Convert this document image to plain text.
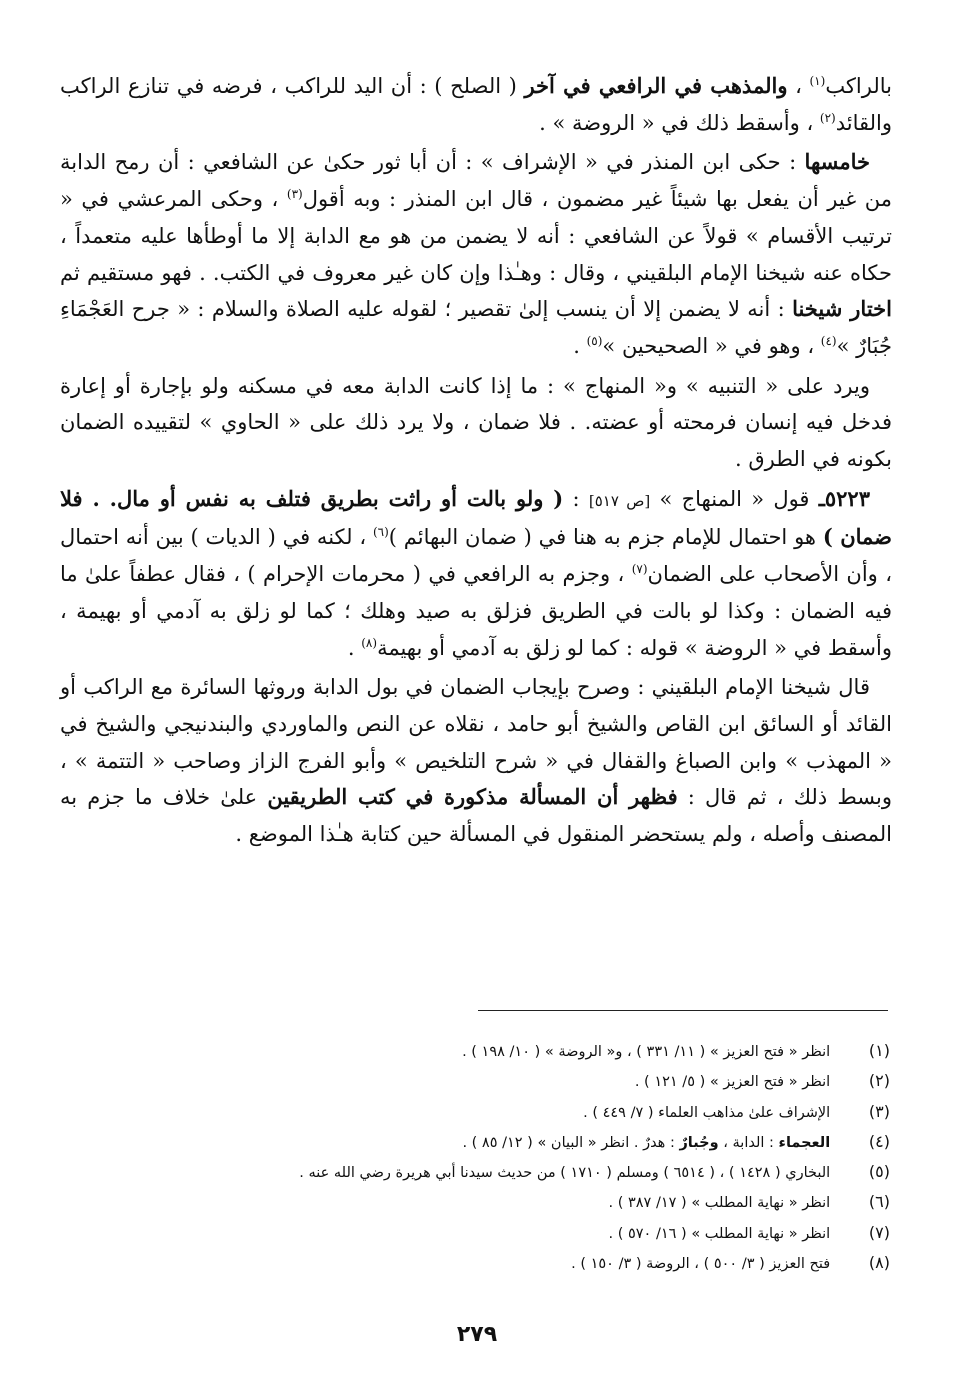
بالراكب$^{(١)}$ ، والمذهب في الرافعي في آخر ( الصلح ) : أن اليد للراكب ، فرضه في تنازع الراكب والقائد$^{(٢)}$ ، وأسقط ذلك في « الروضة » .

خامسها : حكى ابن المنذر في « الإشراف » : أن أبا ثور حكىٰ عن الشافعي : أن رمح الدابة من غير أن يفعل بها شيئاً غير مضمون ، قال ابن المنذر : وبه أقول$^{(٣)}$ ، وحكى المرعشي في « ترتيب الأقسام » قولاً عن الشافعي : أنه لا يضمن من هو مع الدابة إلا ما أوطأها عليه متعمداً ، حكاه عنه شيخنا الإمام البلقيني ، وقال : وهـٰذا وإن كان غير معروف في الكتب. . فهو مستقيم ثم اختار شيخنا : أنه لا يضمن إلا أن ينسب إلىٰ تقصير ؛ لقوله عليه الصلاة والسلام : « جرح العَجْمَاءِ جُبَارٌ »$^{(٤)}$ ، وهو في « الصحيحين »$^{(٥)}$ .

ويرد على « التنبيه » و« المنهاج » : ما إذا كانت الدابة معه في مسكنه ولو بإجارة أو إعارة فدخل فيه إنسان فرمحته أو عضته. . فلا ضمان ، ولا يرد ذلك على « الحاوي » لتقييده الضمان بكونه في الطرق .

٥٢٢٣ـ قول « المنهاج » [ص ٥١٧] : ( ولو بالت أو راثت بطريق فتلف به نفس أو مال. . فلا ضمان ) هو احتمال للإمام جزم به هنا في ( ضمان البهائم )$^{(٦)}$ ، لكنه في ( الديات ) بين أنه احتمال ، وأن الأصحاب على الضمان$^{(٧)}$ ، وجزم به الرافعي في ( محرمات الإحرام ) ، فقال عطفاً علىٰ ما فيه الضمان : وكذا لو بالت في الطريق فزلق به صيد وهلك ؛ كما لو زلق به آدمي أو بهيمة ، وأسقط في « الروضة » قوله : كما لو زلق به آدمي أو بهيمة$^{(٨)}$ .

قال شيخنا الإمام البلقيني : وصرح بإيجاب الضمان في بول الدابة وروثها السائرة مع الراكب أو القائد أو السائق ابن القاص والشيخ أبو حامد ، نقلاه عن النص والماوردي والبندنيجي والشيخ في « المهذب » وابن الصباغ والقفال في « شرح التلخيص » وأبو الفرج الزاز وصاحب « التتمة » ، وبسط ذلك ، ثم قال : فظهر أن المسألة مذكورة في كتب الطريقين علىٰ خلاف ما جزم به المصنف وأصله ، ولم يستحضر المنقول في المسألة حين كتابة هـٰذا الموضع .

(١)   انظر « فتح العزيز » ( ١١/ ٣٣١ ) ، و« الروضة » ( ١٠/ ١٩٨ ) .
(٢)   انظر « فتح العزيز » ( ٥/ ١٢١ ) .
(٣)   الإشراف علىٰ مذاهب العلماء ( ٧/ ٤٤٩ ) .
(٤)   العجماء : الدابة ، وجُبارٌ : هدرٌ . انظر « البيان » ( ١٢/ ٨٥ ) .
(٥)   البخاري ( ١٤٢٨ ) ، ( ٦٥١٤ ) ومسلم ( ١٧١٠ ) من حديث سيدنا أبي هريرة رضي الله عنه .
(٦)   انظر « نهاية المطلب » ( ١٧/ ٣٨٧ ) .
(٧)   انظر « نهاية المطلب » ( ١٦/ ٥٧٠ ) .
(٨)   فتح العزيز ( ٣/ ٥٠٠ ) ، الروضة ( ٣/ ١٥٠ ) .
٢٧٩
